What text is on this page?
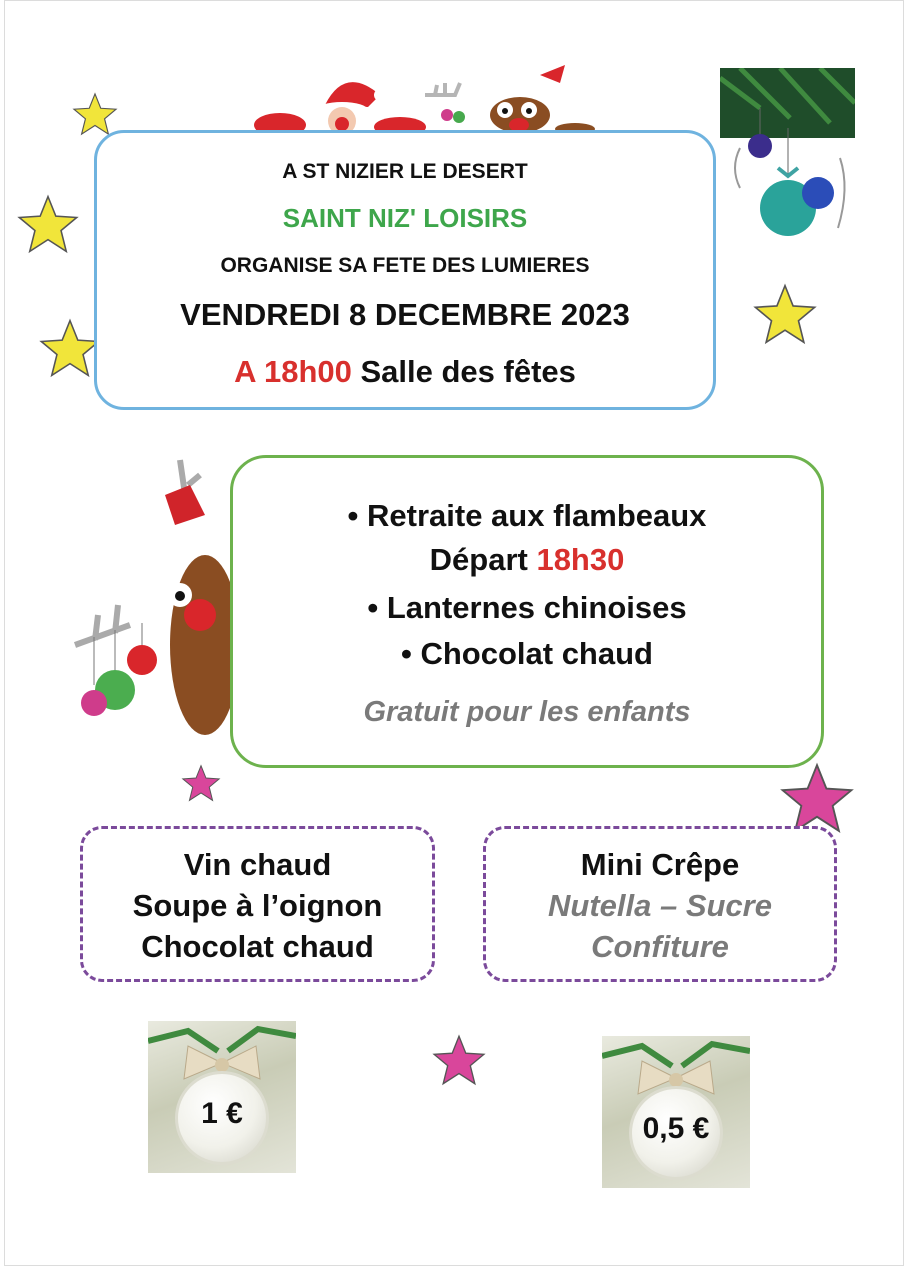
A ST NIZIER LE DESERT
SAINT NIZ' LOISIRS
ORGANISE SA FETE DES LUMIERES
VENDREDI 8 DECEMBRE 2023
A 18h00 Salle des fêtes
• Retraite aux flambeaux
Départ 18h30
• Lanternes chinoises
• Chocolat chaud
Gratuit pour les enfants
Vin chaud
Soupe à l’oignon
Chocolat chaud
Mini Crêpe
Nutella – Sucre
Confiture
1 €	0,5 €
